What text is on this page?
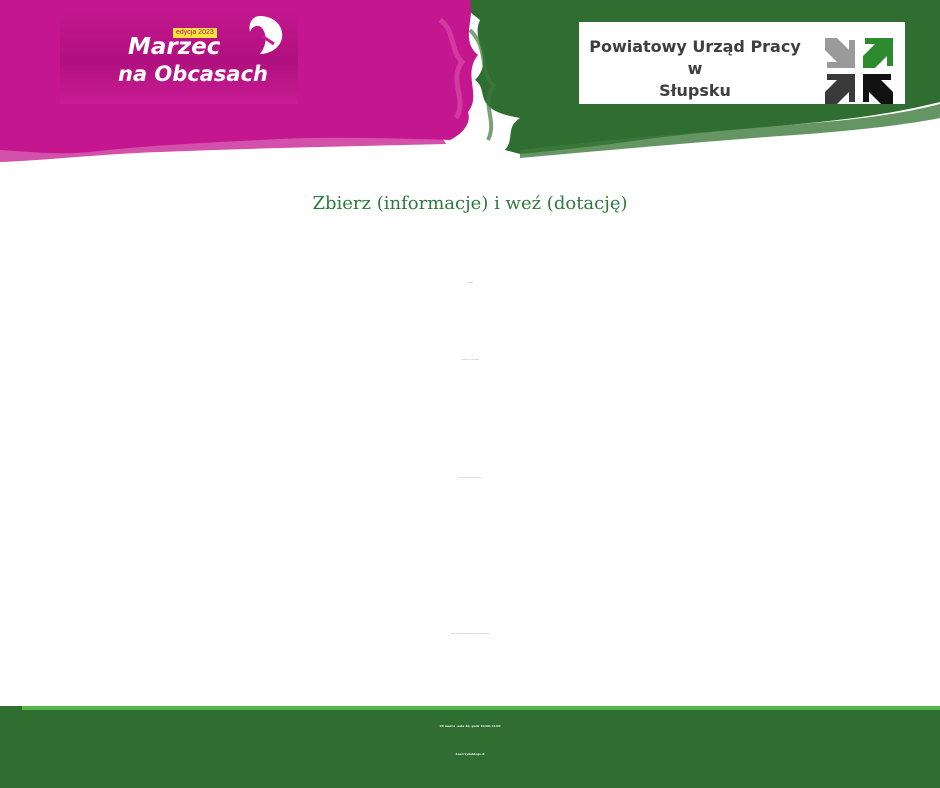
edycja 2023
Marzec
na Obcasach
Powiatowy Urząd Pracy
w
Słupsku
Zbierz (informacje) i weź (dotację)
w programie:
- Powiatowy Urząd Pracy w Słupsku
- Zakład Ubezpieczeń Społecznych w Słupsku
- Punkt Informacyjny Funduszy Europejskich Dla Przedsiębiorców w Słupsku
29 marca -sala 30, godz 10.00-13.00
Leszczyńskiego 8
